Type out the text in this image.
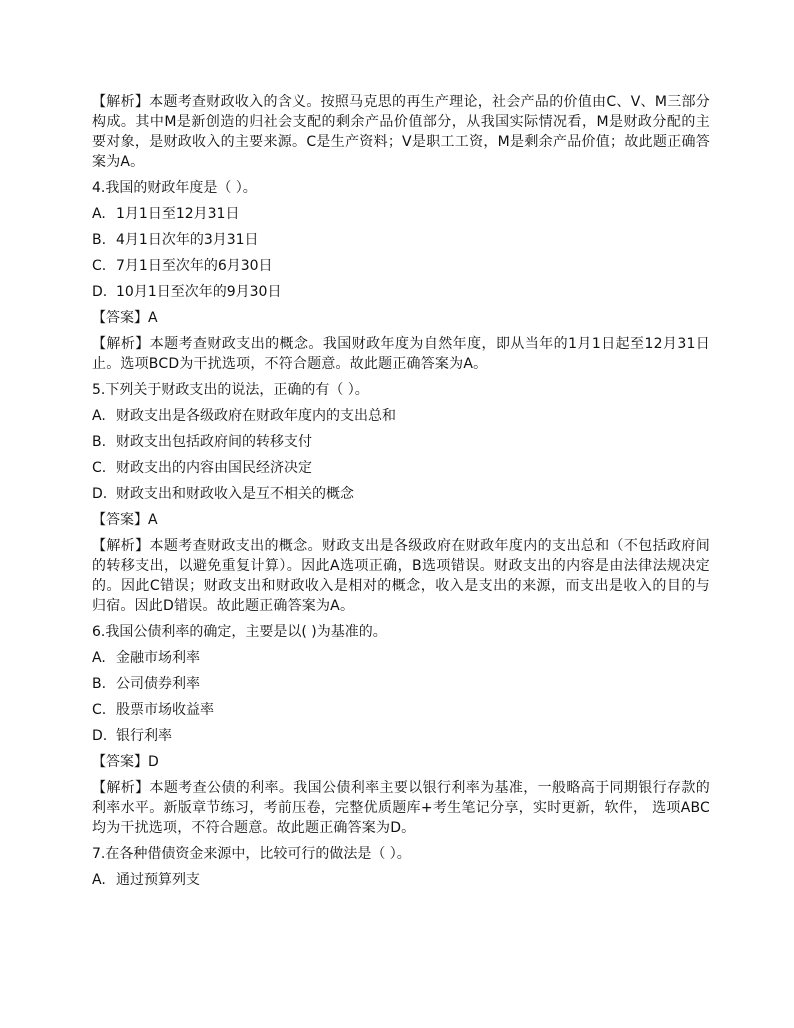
【解析】本题考查财政收入的含义。按照马克思的再生产理论，社会产品的价值由C、V、M三部分构成。其中M是新创造的归社会支配的剩余产品价值部分，从我国实际情况看，M是财政分配的主要对象，是财政收入的主要来源。C是生产资料；V是职工工资，M是剩余产品价值；故此题正确答案为A。
4.我国的财政年度是（ ）。
A. 1月1日至12月31日
B. 4月1日次年的3月31日
C. 7月1日至次年的6月30日
D. 10月1日至次年的9月30日
【答案】A
【解析】本题考查财政支出的概念。我国财政年度为自然年度，即从当年的1月1日起至12月31日止。选项BCD为干扰选项，不符合题意。故此题正确答案为A。
5.下列关于财政支出的说法，正确的有（ ）。
A. 财政支出是各级政府在财政年度内的支出总和
B. 财政支出包括政府间的转移支付
C. 财政支出的内容由国民经济决定
D. 财政支出和财政收入是互不相关的概念
【答案】A
【解析】本题考查财政支出的概念。财政支出是各级政府在财政年度内的支出总和（不包括政府间的转移支出，以避免重复计算）。因此A选项正确，B选项错误。财政支出的内容是由法律法规决定的。因此C错误；财政支出和财政收入是相对的概念，收入是支出的来源，而支出是收入的目的与归宿。因此D错误。故此题正确答案为A。
6.我国公债利率的确定，主要是以( )为基准的。
A. 金融市场利率
B. 公司债券利率
C. 股票市场收益率
D. 银行利率
【答案】D
【解析】本题考查公债的利率。我国公债利率主要以银行利率为基准，一般略高于同期银行存款的利率水平。新版章节练习，考前压卷，完整优质题库+考生笔记分享，实时更新，软件， 选项ABC均为干扰选项，不符合题意。故此题正确答案为D。
7.在各种借债资金来源中，比较可行的做法是（ ）。
A. 通过预算列支
